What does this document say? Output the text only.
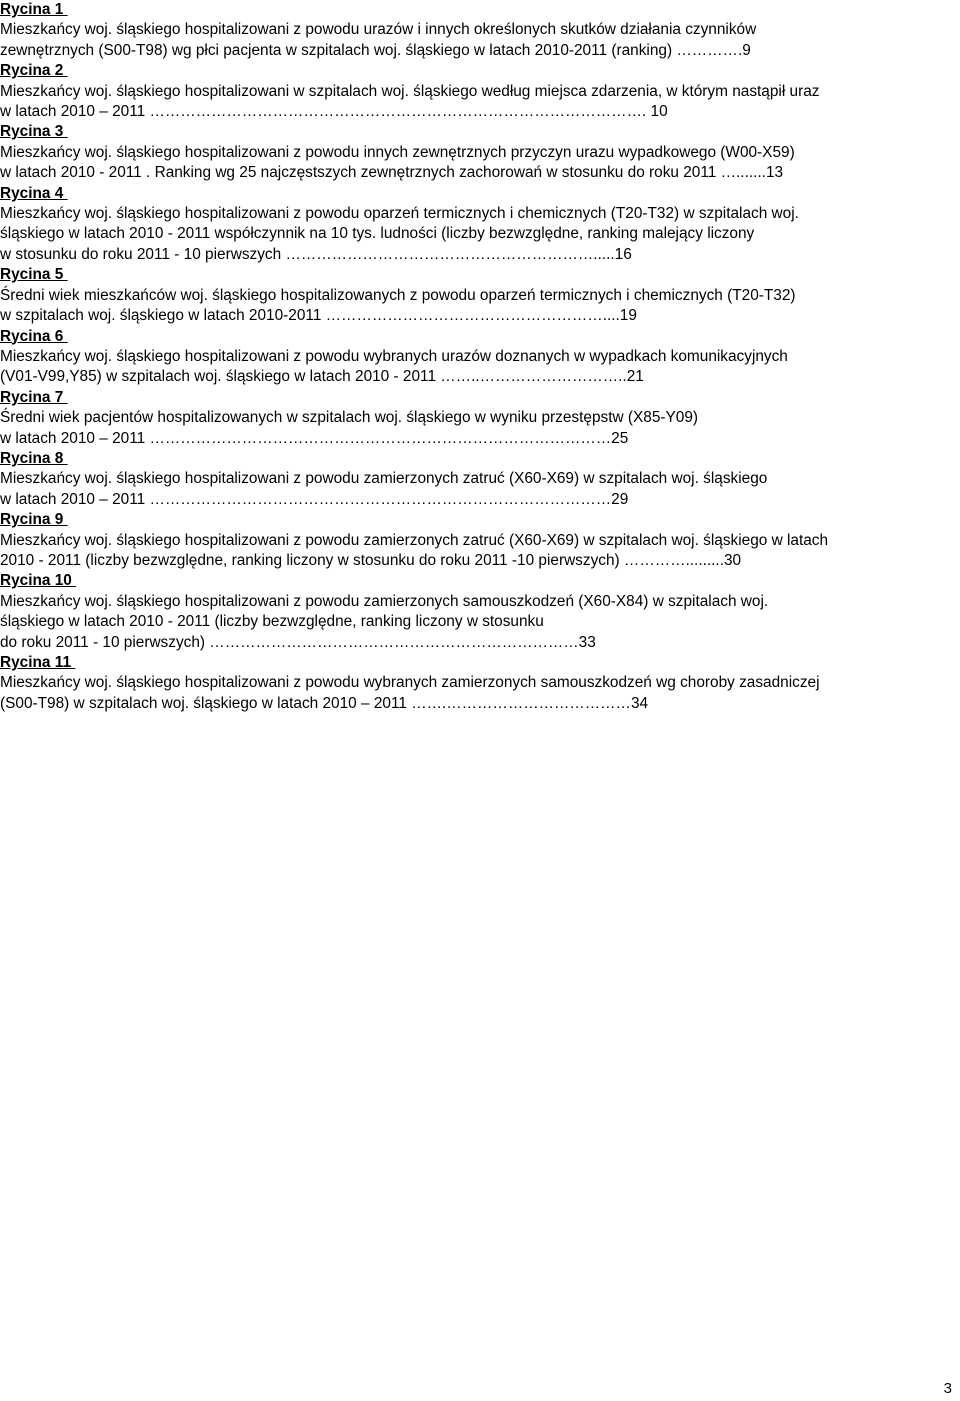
Rycina 1
Mieszkańcy woj. śląskiego hospitalizowani z powodu urazów i innych określonych skutków działania czynników
zewnętrznych (S00-T98) wg płci pacjenta w szpitalach woj. śląskiego w latach 2010-2011 (ranking) ………….9
Rycina 2
Mieszkańcy woj. śląskiego hospitalizowani w szpitalach woj. śląskiego według miejsca zdarzenia, w którym nastąpił uraz
w latach 2010 – 2011 ……………………………………………………………………………………. 10
Rycina 3
Mieszkańcy woj. śląskiego hospitalizowani z powodu innych zewnętrznych przyczyn urazu wypadkowego (W00-X59)
w latach 2010 - 2011 . Ranking wg 25 najczęstszych zewnętrznych zachorowań w stosunku do roku 2011 ….......13
Rycina 4
Mieszkańcy woj. śląskiego hospitalizowani z powodu oparzeń termicznych i chemicznych (T20-T32) w szpitalach woj.
śląskiego w latach 2010 - 2011 współczynnik na 10 tys. ludności (liczby bezwzględne, ranking malejący liczony
w stosunku do roku 2011 - 10 pierwszych …………………………………………………….....16
Rycina 5
Średni wiek mieszkańców woj. śląskiego hospitalizowanych z powodu oparzeń termicznych i chemicznych (T20-T32)
w szpitalach woj. śląskiego w latach 2010-2011 ………………………………………………....19
Rycina 6
Mieszkańcy woj. śląskiego hospitalizowani z powodu wybranych urazów doznanych w wypadkach komunikacyjnych
(V01-V99,Y85) w szpitalach woj. śląskiego w latach 2010 - 2011 ……..………………………..21
Rycina 7
Średni wiek pacjentów hospitalizowanych w szpitalach woj. śląskiego w wyniku przestępstw (X85-Y09)
w latach 2010 – 2011 ………………………………………………………………………………25
Rycina 8
Mieszkańcy woj. śląskiego hospitalizowani z powodu zamierzonych zatruć (X60-X69) w szpitalach woj. śląskiego
w latach 2010 – 2011 ………………………………………………………………………………29
Rycina 9
Mieszkańcy woj. śląskiego hospitalizowani z powodu zamierzonych zatruć (X60-X69) w szpitalach woj. śląskiego w latach
2010 - 2011 (liczby bezwzględne, ranking liczony w stosunku do roku 2011 -10 pierwszych) ………….........30
Rycina 10
Mieszkańcy woj. śląskiego hospitalizowani z powodu zamierzonych samouszkodzeń (X60-X84) w szpitalach woj.
śląskiego w latach 2010 - 2011 (liczby bezwzględne, ranking liczony w stosunku
do roku 2011 - 10 pierwszych) ………………………………………………………………33
Rycina 11
Mieszkańcy woj. śląskiego hospitalizowani z powodu wybranych zamierzonych samouszkodzeń wg choroby zasadniczej
(S00-T98) w szpitalach woj. śląskiego w latach 2010 – 2011 …….………………………………34
3
